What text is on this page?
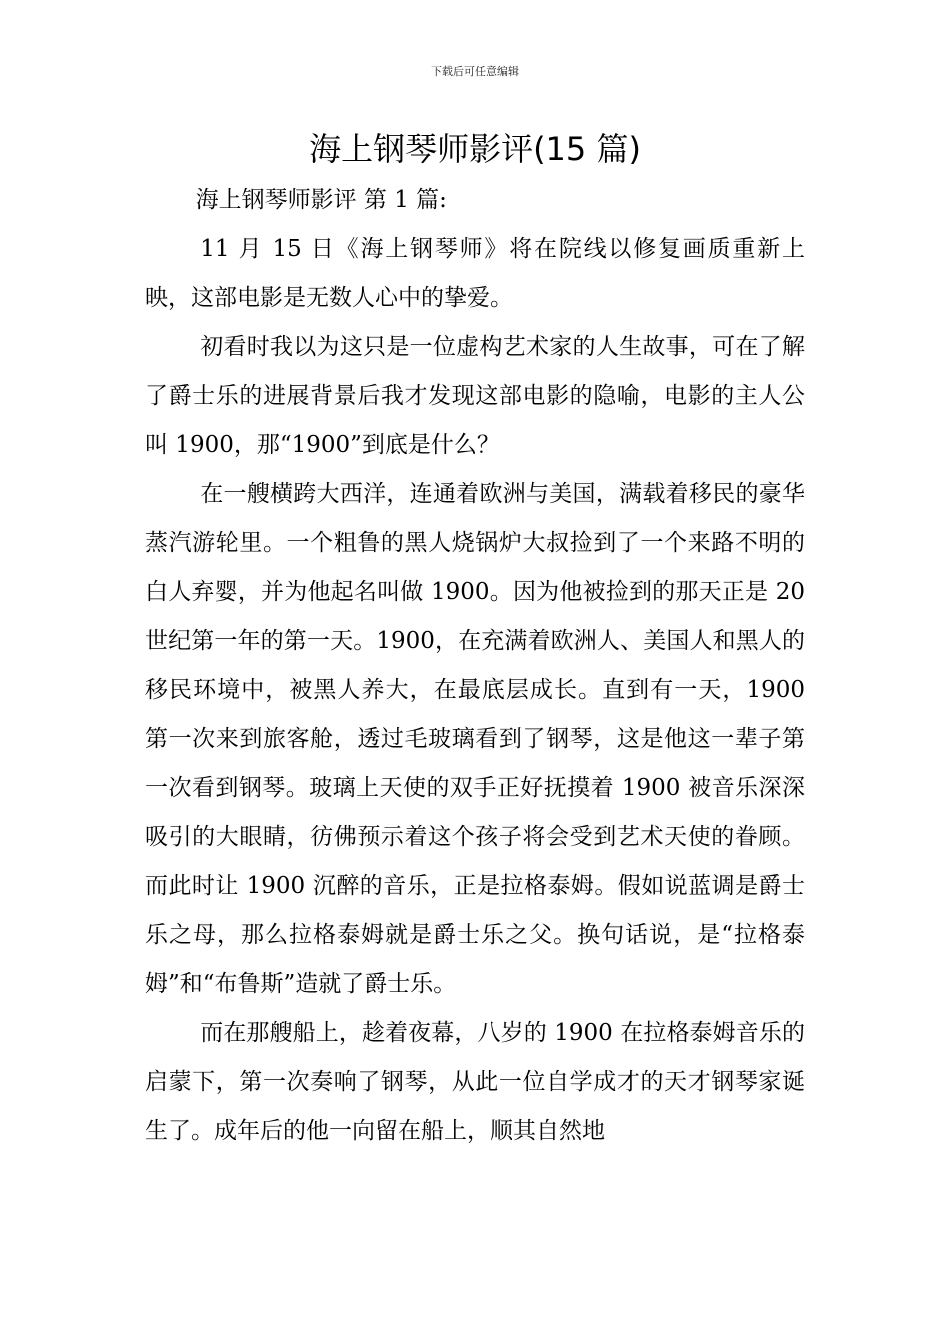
下载后可任意编辑
海上钢琴师影评(15 篇)

海上钢琴师影评 第 1 篇:

11 月 15 日《海上钢琴师》将在院线以修复画质重新上映，这部电影是无数人心中的挚爱。

初看时我以为这只是一位虚构艺术家的人生故事，可在了解了爵士乐的进展背景后我才发现这部电影的隐喻，电影的主人公叫 1900，那“1900”到底是什么？

在一艘横跨大西洋，连通着欧洲与美国，满载着移民的豪华蒸汽游轮里。一个粗鲁的黑人烧锅炉大叔捡到了一个来路不明的白人弃婴，并为他起名叫做 1900。因为他被捡到的那天正是 20 世纪第一年的第一天。1900，在充满着欧洲人、美国人和黑人的移民环境中，被黑人养大，在最底层成长。直到有一天，1900 第一次来到旅客舱，透过毛玻璃看到了钢琴，这是他这一辈子第一次看到钢琴。玻璃上天使的双手正好抚摸着 1900 被音乐深深吸引的大眼睛，彷佛预示着这个孩子将会受到艺术天使的眷顾。而此时让 1900 沉醉的音乐，正是拉格泰姆。假如说蓝调是爵士乐之母，那么拉格泰姆就是爵士乐之父。换句话说，是“拉格泰姆”和“布鲁斯”造就了爵士乐。

而在那艘船上，趁着夜幕，八岁的 1900 在拉格泰姆音乐的启蒙下，第一次奏响了钢琴，从此一位自学成才的天才钢琴家诞生了。成年后的他一向留在船上，顺其自然地
